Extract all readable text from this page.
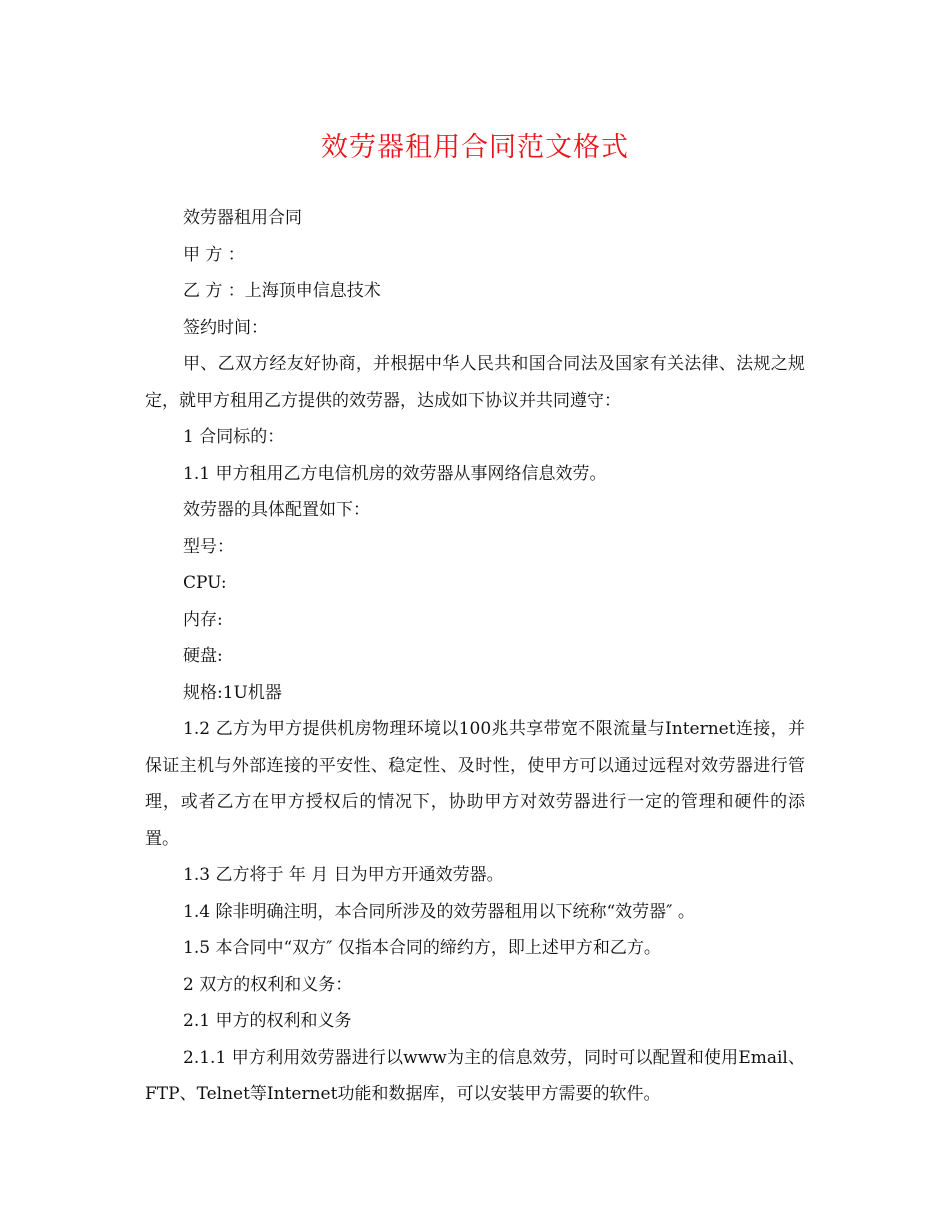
效劳器租用合同范文格式

效劳器租用合同

甲 方 ：

乙 方 ：上海顶申信息技术

签约时间：

甲、乙双方经友好协商，并根据中华人民共和国合同法及国家有关法律、法规之规定，就甲方租用乙方提供的效劳器，达成如下协议并共同遵守：

1 合同标的：

1.1 甲方租用乙方电信机房的效劳器从事网络信息效劳。

效劳器的具体配置如下：

型号：

CPU:

内存:

硬盘:

规格:1U机器

1.2 乙方为甲方提供机房物理环境以100兆共享带宽不限流量与Internet连接，并保证主机与外部连接的平安性、稳定性、及时性，使甲方可以通过远程对效劳器进行管理，或者乙方在甲方授权后的情况下，协助甲方对效劳器进行一定的管理和硬件的添置。

1.3 乙方将于 年 月 日为甲方开通效劳器。

1.4 除非明确注明，本合同所涉及的效劳器租用以下统称“效劳器″ 。

1.5 本合同中“双方″ 仅指本合同的缔约方，即上述甲方和乙方。

2 双方的权利和义务：

2.1 甲方的权利和义务

2.1.1 甲方利用效劳器进行以www为主的信息效劳，同时可以配置和使用Email、FTP、Telnet等Internet功能和数据库，可以安装甲方需要的软件。
